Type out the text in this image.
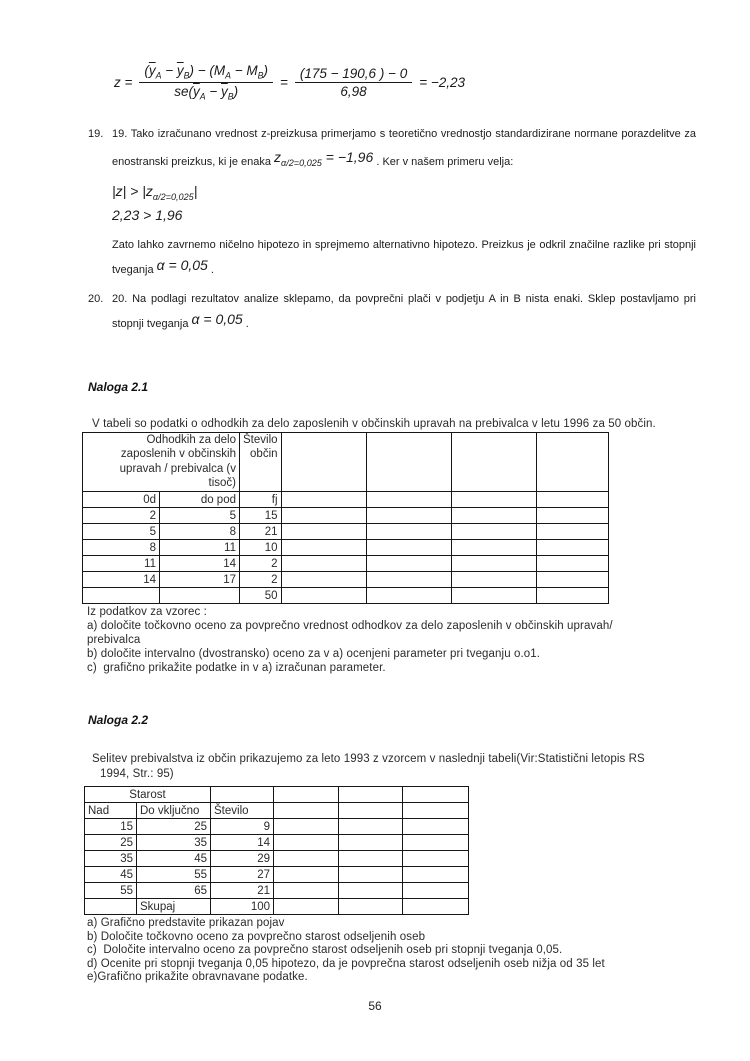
$z = \frac{(\overline{y}_A - \overline{y}_B) - (M_A - M_B)}{se(\overline{y}_A - \overline{y}_B)} = \frac{(175 - 190,6 ) - 0}{6,98} = -2,23$
19. 19. Tako izračunano vrednost z-preizkusa primerjamo s teoretično vrednostjo standardizirane normane porazdelitve za enostranski preizkus, ki je enaka $z_{\alpha/2=0,025} = -1,96$ . Ker v našem primeru velja:
$|z| > |z_{\alpha/2=0,025}|$
2,23 > 1,96
Zato lahko zavrnemo ničelno hipotezo in sprejmemo alternativno hipotezo. Preizkus je odkril značilne razlike pri stopnji tveganja α = 0,05 .
20. 20. Na podlagi rezultatov analize sklepamo, da povprečni plači v podjetju A in B nista enaki. Sklep postavljamo pri stopnji tveganja α = 0,05 .
Naloga 2.1
V tabeli so podatki o odhodkih za delo zaposlenih v občinskih upravah na prebivalca v letu 1996 za 50 občin.
Odhodkih za delo
zaposlenih v občinskih
upravah / prebivalca (v
tisoč)

Število
občin

0d	do pod	fj				
2	5	15				
5	8	21				
8	11	10				
11	14	2				
14	17	2				
		50				
Iz podatkov za vzorec :
a) določite točkovno oceno za povprečno vrednost odhodkov za delo zaposlenih v občinskih upravah/
prebivalca
b) določite intervalno (dvostransko) oceno za v a) ocenjeni parameter pri tveganju o.o1.
c)  grafično prikažite podatke in v a) izračunan parameter.
Naloga 2.2
Selitev prebivalstva iz občin prikazujemo za leto 1993 z vzorcem v naslednji tabeli(Vir:Statistični letopis RS
1994, Str.: 95)
Starost					
Nad	Do vključno	Število			
15	25	9			
25	35	14			
35	45	29			
45	55	27			
55	65	21			
	Skupaj	100			
a) Grafično predstavite prikazan pojav
b) Določite točkovno oceno za povprečno starost odseljenih oseb
c)  Določite intervalno oceno za povprečno starost odseljenih oseb pri stopnji tveganja 0,05.
d) Ocenite pri stopnji tveganja 0,05 hipotezo, da je povprečna starost odseljenih oseb nižja od 35 let
e)Grafično prikažite obravnavane podatke.
56
